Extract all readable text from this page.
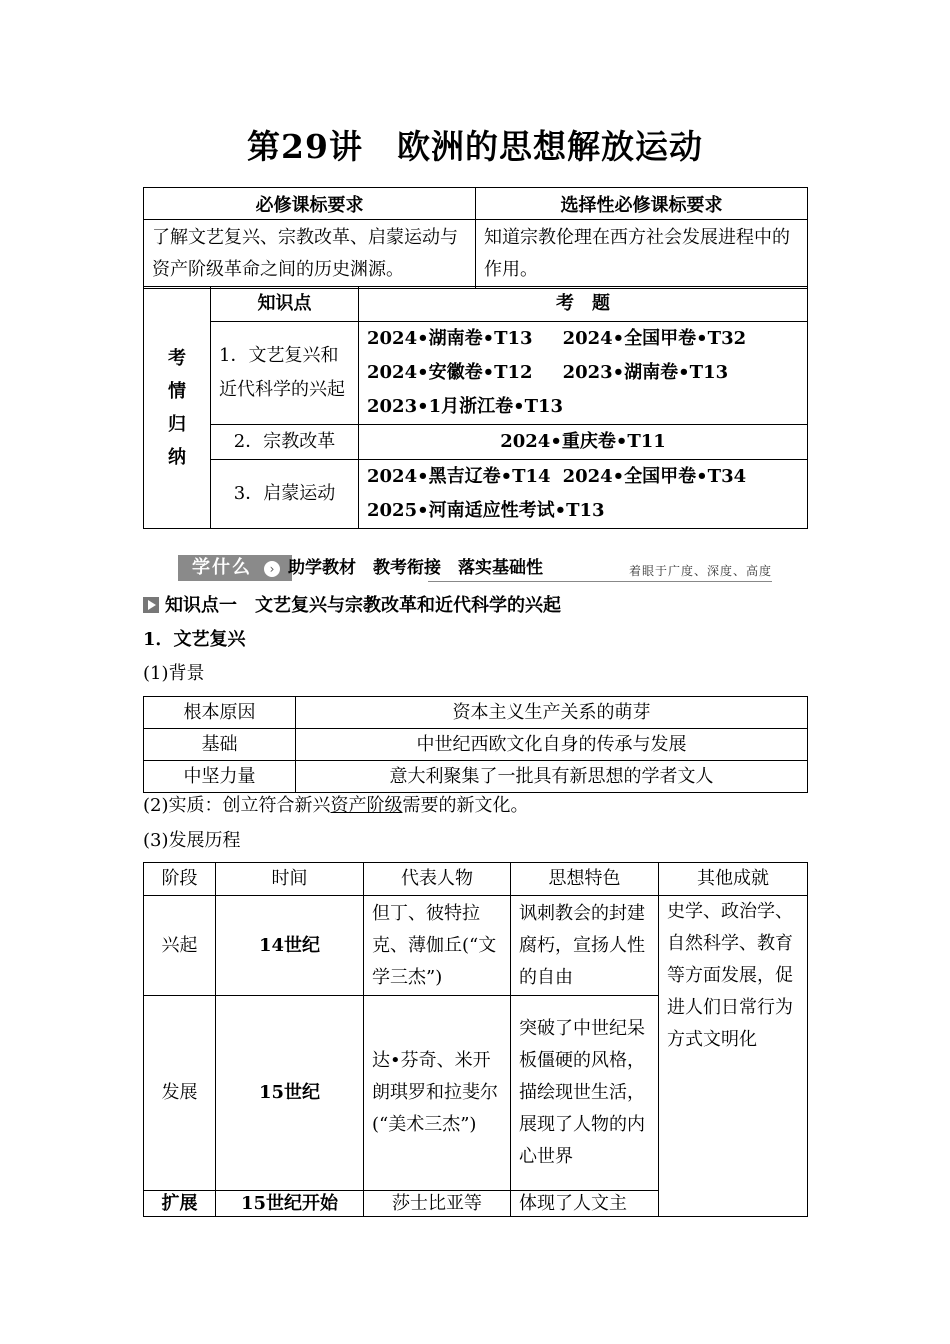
第29讲 欧洲的思想解放运动
必修课标要求	选择性必修课标要求
了解文艺复兴、宗教改革、启蒙运动与资产阶级革命之间的历史渊源。	知道宗教伦理在西方社会发展进程中的作用。
考
情
归
纳	知识点	考　题
	1．文艺复兴和近代科学的兴起	2024•湖南卷•T13 2024•全国甲卷•T32
2024•安徽卷•T12 2023•湖南卷•T13
2023•1月浙江卷•T13
	2．宗教改革	2024•重庆卷•T11
	3．启蒙运动	2024•黑吉辽卷•T14 2024•全国甲卷•T34
2025•河南适应性考试•T13
学什么	› 助学教材　教考衔接　落实基础性	着眼于广度、深度、高度
知识点一　文艺复兴与宗教改革和近代科学的兴起
1．文艺复兴
(1)背景
根本原因	资本主义生产关系的萌芽
基础	中世纪西欧文化自身的传承与发展
中坚力量	意大利聚集了一批具有新思想的学者文人
(2)实质：创立符合新兴资产阶级需要的新文化。
(3)发展历程
阶段	时间	代表人物	思想特色	其他成就
兴起	14世纪	但丁、彼特拉克、薄伽丘(“文学三杰”)	讽刺教会的封建腐朽，宣扬人性的自由	史学、政治学、自然科学、教育等方面发展，促进人们日常行为方式文明化
发展	15世纪	达•芬奇、米开朗琪罗和拉斐尔(“美术三杰”)	突破了中世纪呆板僵硬的风格，描绘现世生活，展现了人物的内心世界	
扩展	15世纪开始	莎士比亚等	体现了人文主	
